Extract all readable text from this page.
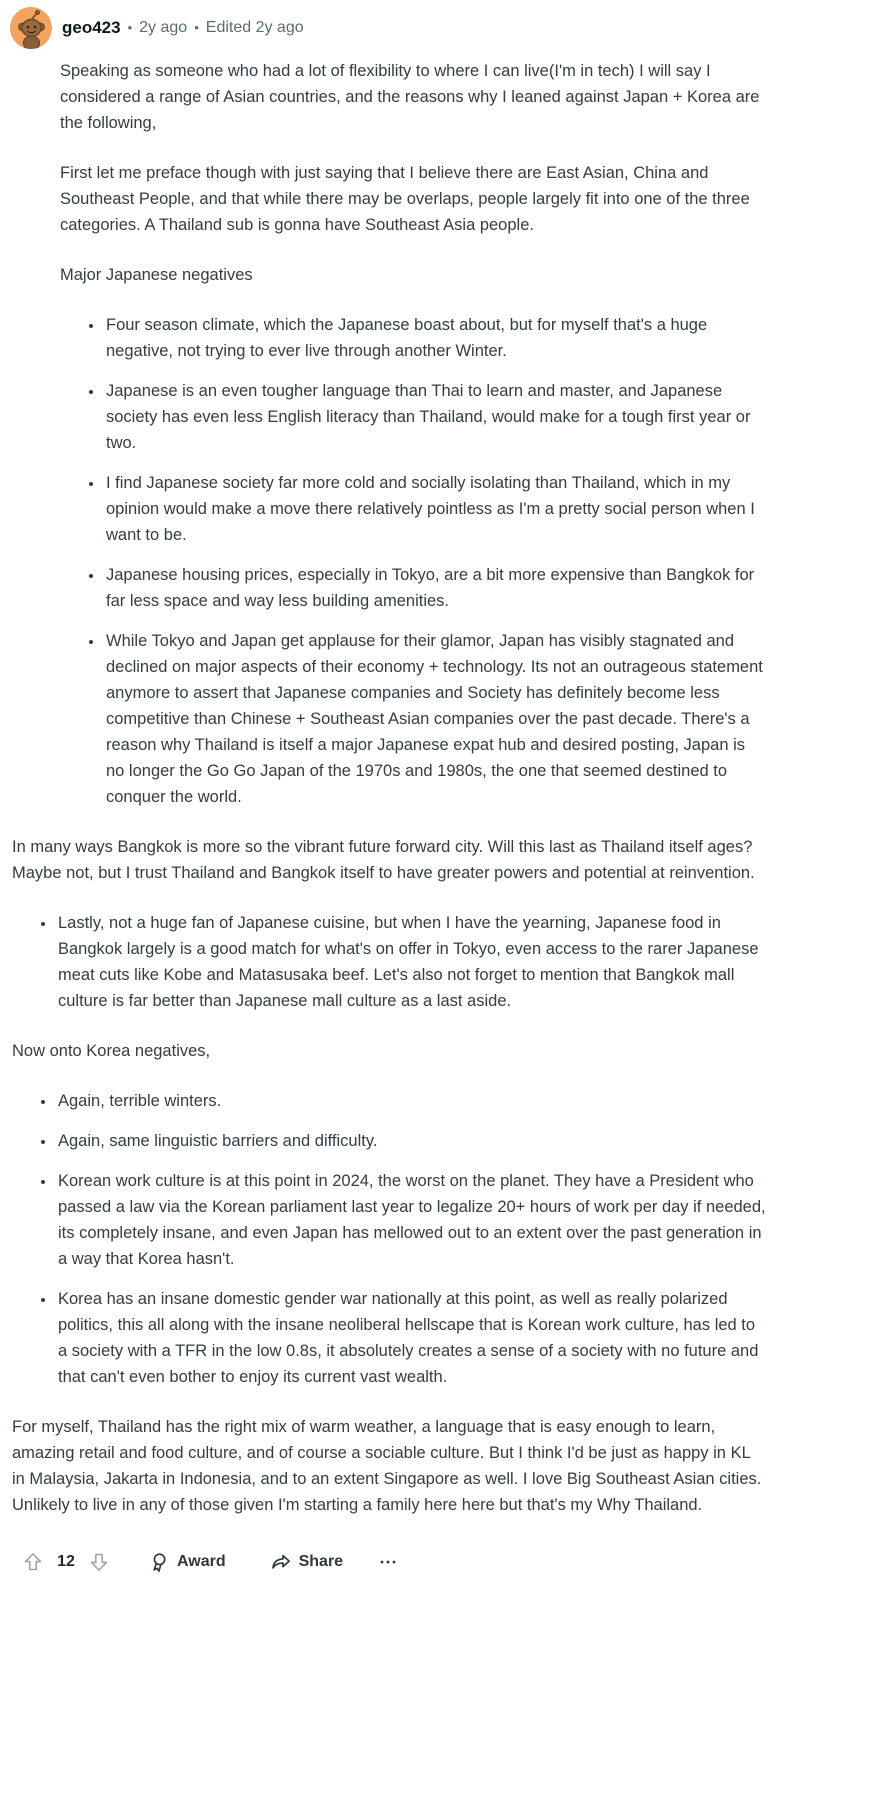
geo423 • 2y ago • Edited 2y ago

Speaking as someone who had a lot of flexibility to where I can live(I'm in tech) I will say I considered a range of Asian countries, and the reasons why I leaned against Japan + Korea are the following,

First let me preface though with just saying that I believe there are East Asian, China and Southeast People, and that while there may be overlaps, people largely fit into one of the three categories. A Thailand sub is gonna have Southeast Asia people.

Major Japanese negatives

• Four season climate, which the Japanese boast about, but for myself that's a huge negative, not trying to ever live through another Winter.
• Japanese is an even tougher language than Thai to learn and master, and Japanese society has even less English literacy than Thailand, would make for a tough first year or two.
• I find Japanese society far more cold and socially isolating than Thailand, which in my opinion would make a move there relatively pointless as I'm a pretty social person when I want to be.
• Japanese housing prices, especially in Tokyo, are a bit more expensive than Bangkok for far less space and way less building amenities.
• While Tokyo and Japan get applause for their glamor, Japan has visibly stagnated and declined on major aspects of their economy + technology. Its not an outrageous statement anymore to assert that Japanese companies and Society has definitely become less competitive than Chinese + Southeast Asian companies over the past decade. There's a reason why Thailand is itself a major Japanese expat hub and desired posting, Japan is no longer the Go Go Japan of the 1970s and 1980s, the one that seemed destined to conquer the world.

In many ways Bangkok is more so the vibrant future forward city. Will this last as Thailand itself ages? Maybe not, but I trust Thailand and Bangkok itself to have greater powers and potential at reinvention.

• Lastly, not a huge fan of Japanese cuisine, but when I have the yearning, Japanese food in Bangkok largely is a good match for what's on offer in Tokyo, even access to the rarer Japanese meat cuts like Kobe and Matasusaka beef. Let's also not forget to mention that Bangkok mall culture is far better than Japanese mall culture as a last aside.

Now onto Korea negatives,

• Again, terrible winters.
• Again, same linguistic barriers and difficulty.
• Korean work culture is at this point in 2024, the worst on the planet. They have a President who passed a law via the Korean parliament last year to legalize 20+ hours of work per day if needed, its completely insane, and even Japan has mellowed out to an extent over the past generation in a way that Korea hasn't.
• Korea has an insane domestic gender war nationally at this point, as well as really polarized politics, this all along with the insane neoliberal hellscape that is Korean work culture, has led to a society with a TFR in the low 0.8s, it absolutely creates a sense of a society with no future and that can't even bother to enjoy its current vast wealth.

For myself, Thailand has the right mix of warm weather, a language that is easy enough to learn, amazing retail and food culture, and of course a sociable culture. But I think I'd be just as happy in KL in Malaysia, Jakarta in Indonesia, and to an extent Singapore as well. I love Big Southeast Asian cities. Unlikely to live in any of those given I'm starting a family here here but that's my Why Thailand.

12	Award	Share
